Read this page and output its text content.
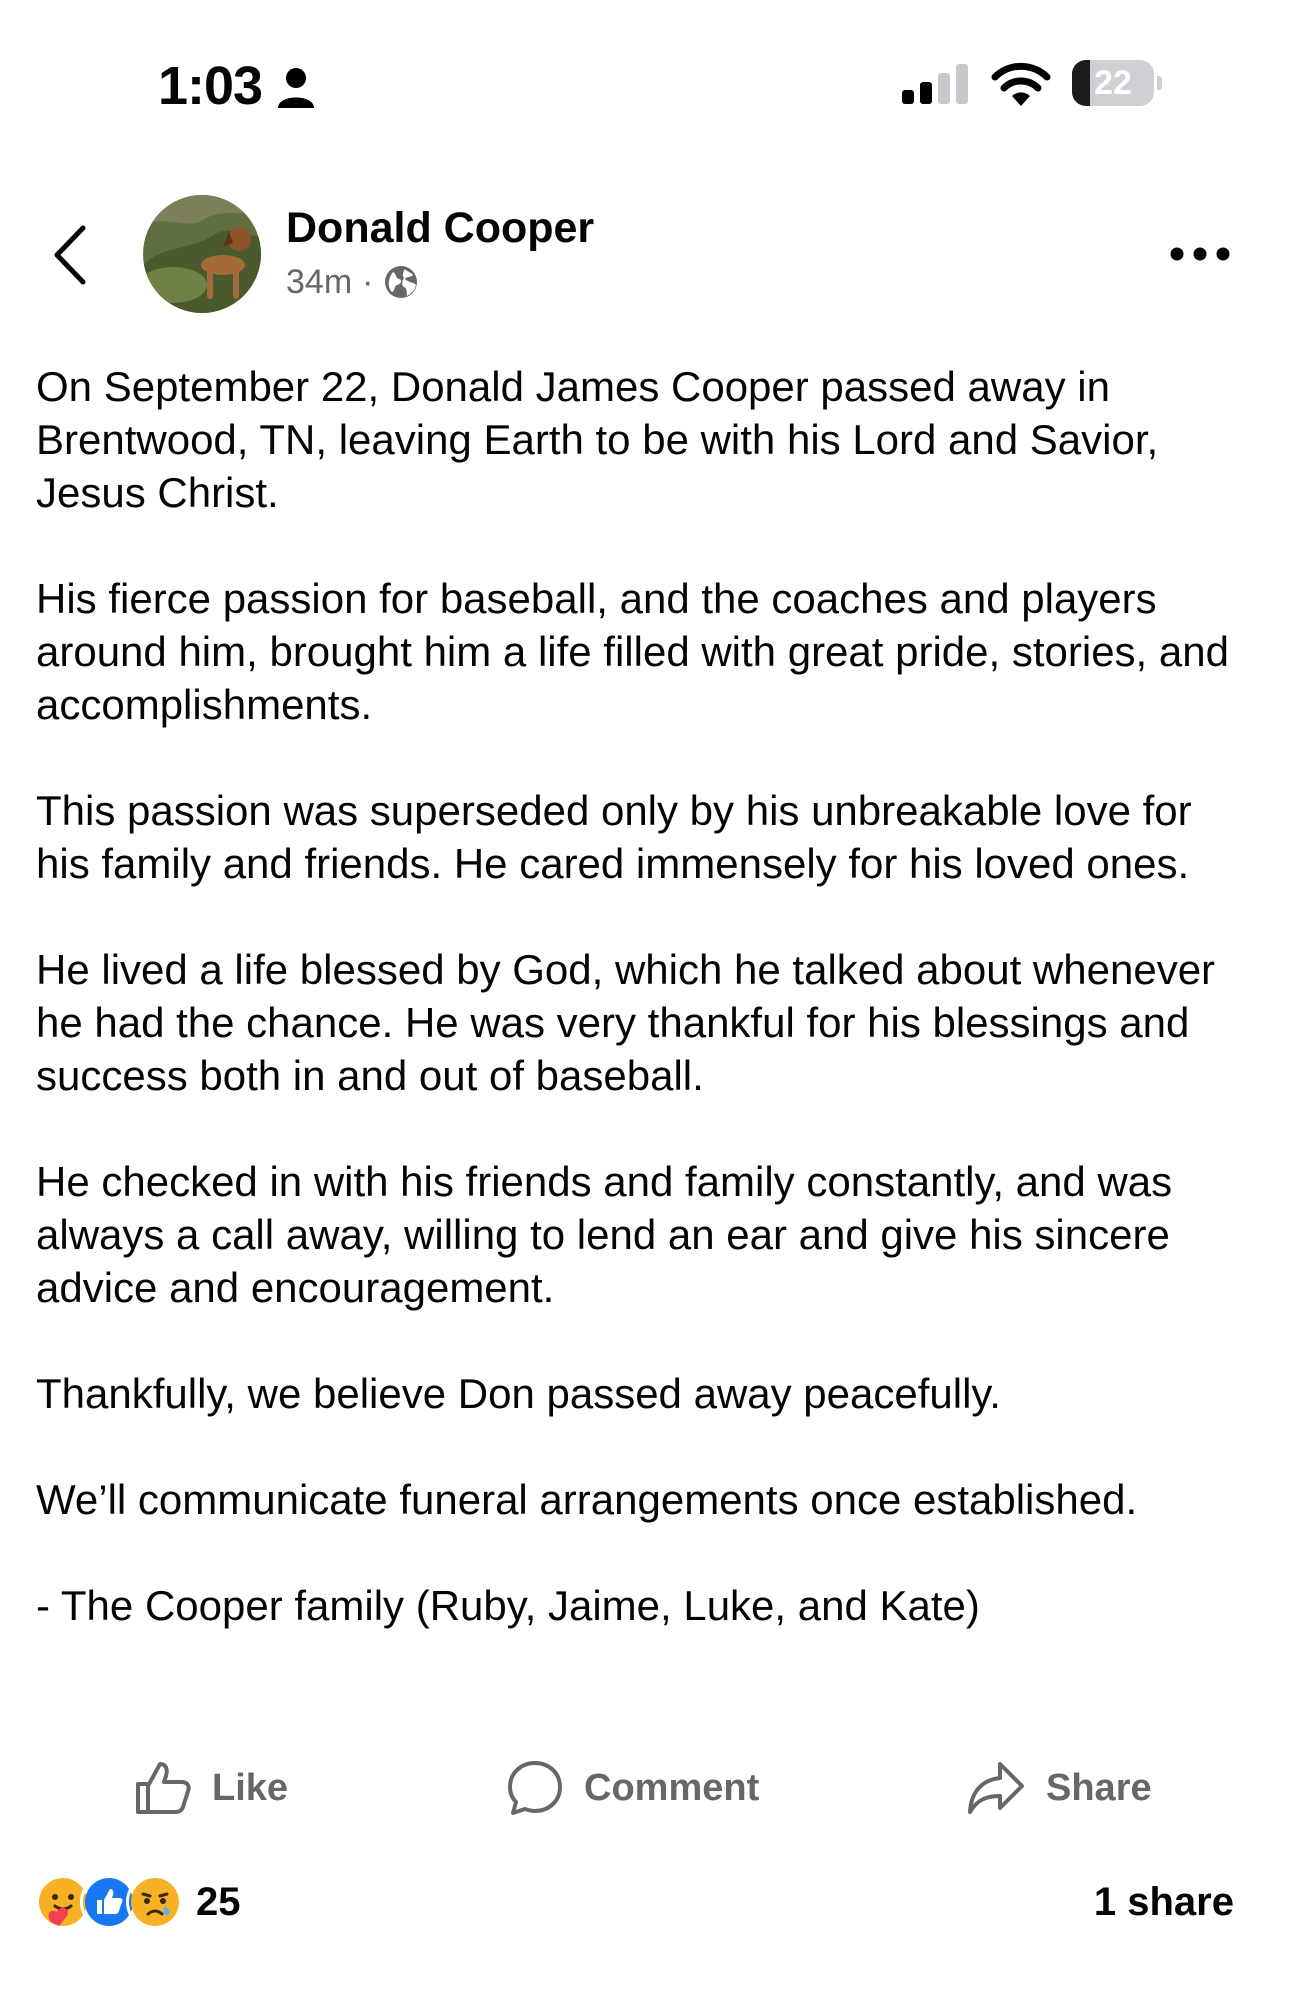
1:03	22
Donald Cooper
34m ·

On September 22, Donald James Cooper passed away in Brentwood, TN, leaving Earth to be with his Lord and Savior, Jesus Christ.

His fierce passion for baseball, and the coaches and players around him, brought him a life filled with great pride, stories, and accomplishments.

This passion was superseded only by his unbreakable love for his family and friends. He cared immensely for his loved ones.

He lived a life blessed by God, which he talked about whenever he had the chance. He was very thankful for his blessings and success both in and out of baseball.

He checked in with his friends and family constantly, and was always a call away, willing to lend an ear and give his sincere advice and encouragement.

Thankfully, we believe Don passed away peacefully.

We’ll communicate funeral arrangements once established.

- The Cooper family (Ruby, Jaime, Luke, and Kate)

Like	Comment	Share
25	1 share
